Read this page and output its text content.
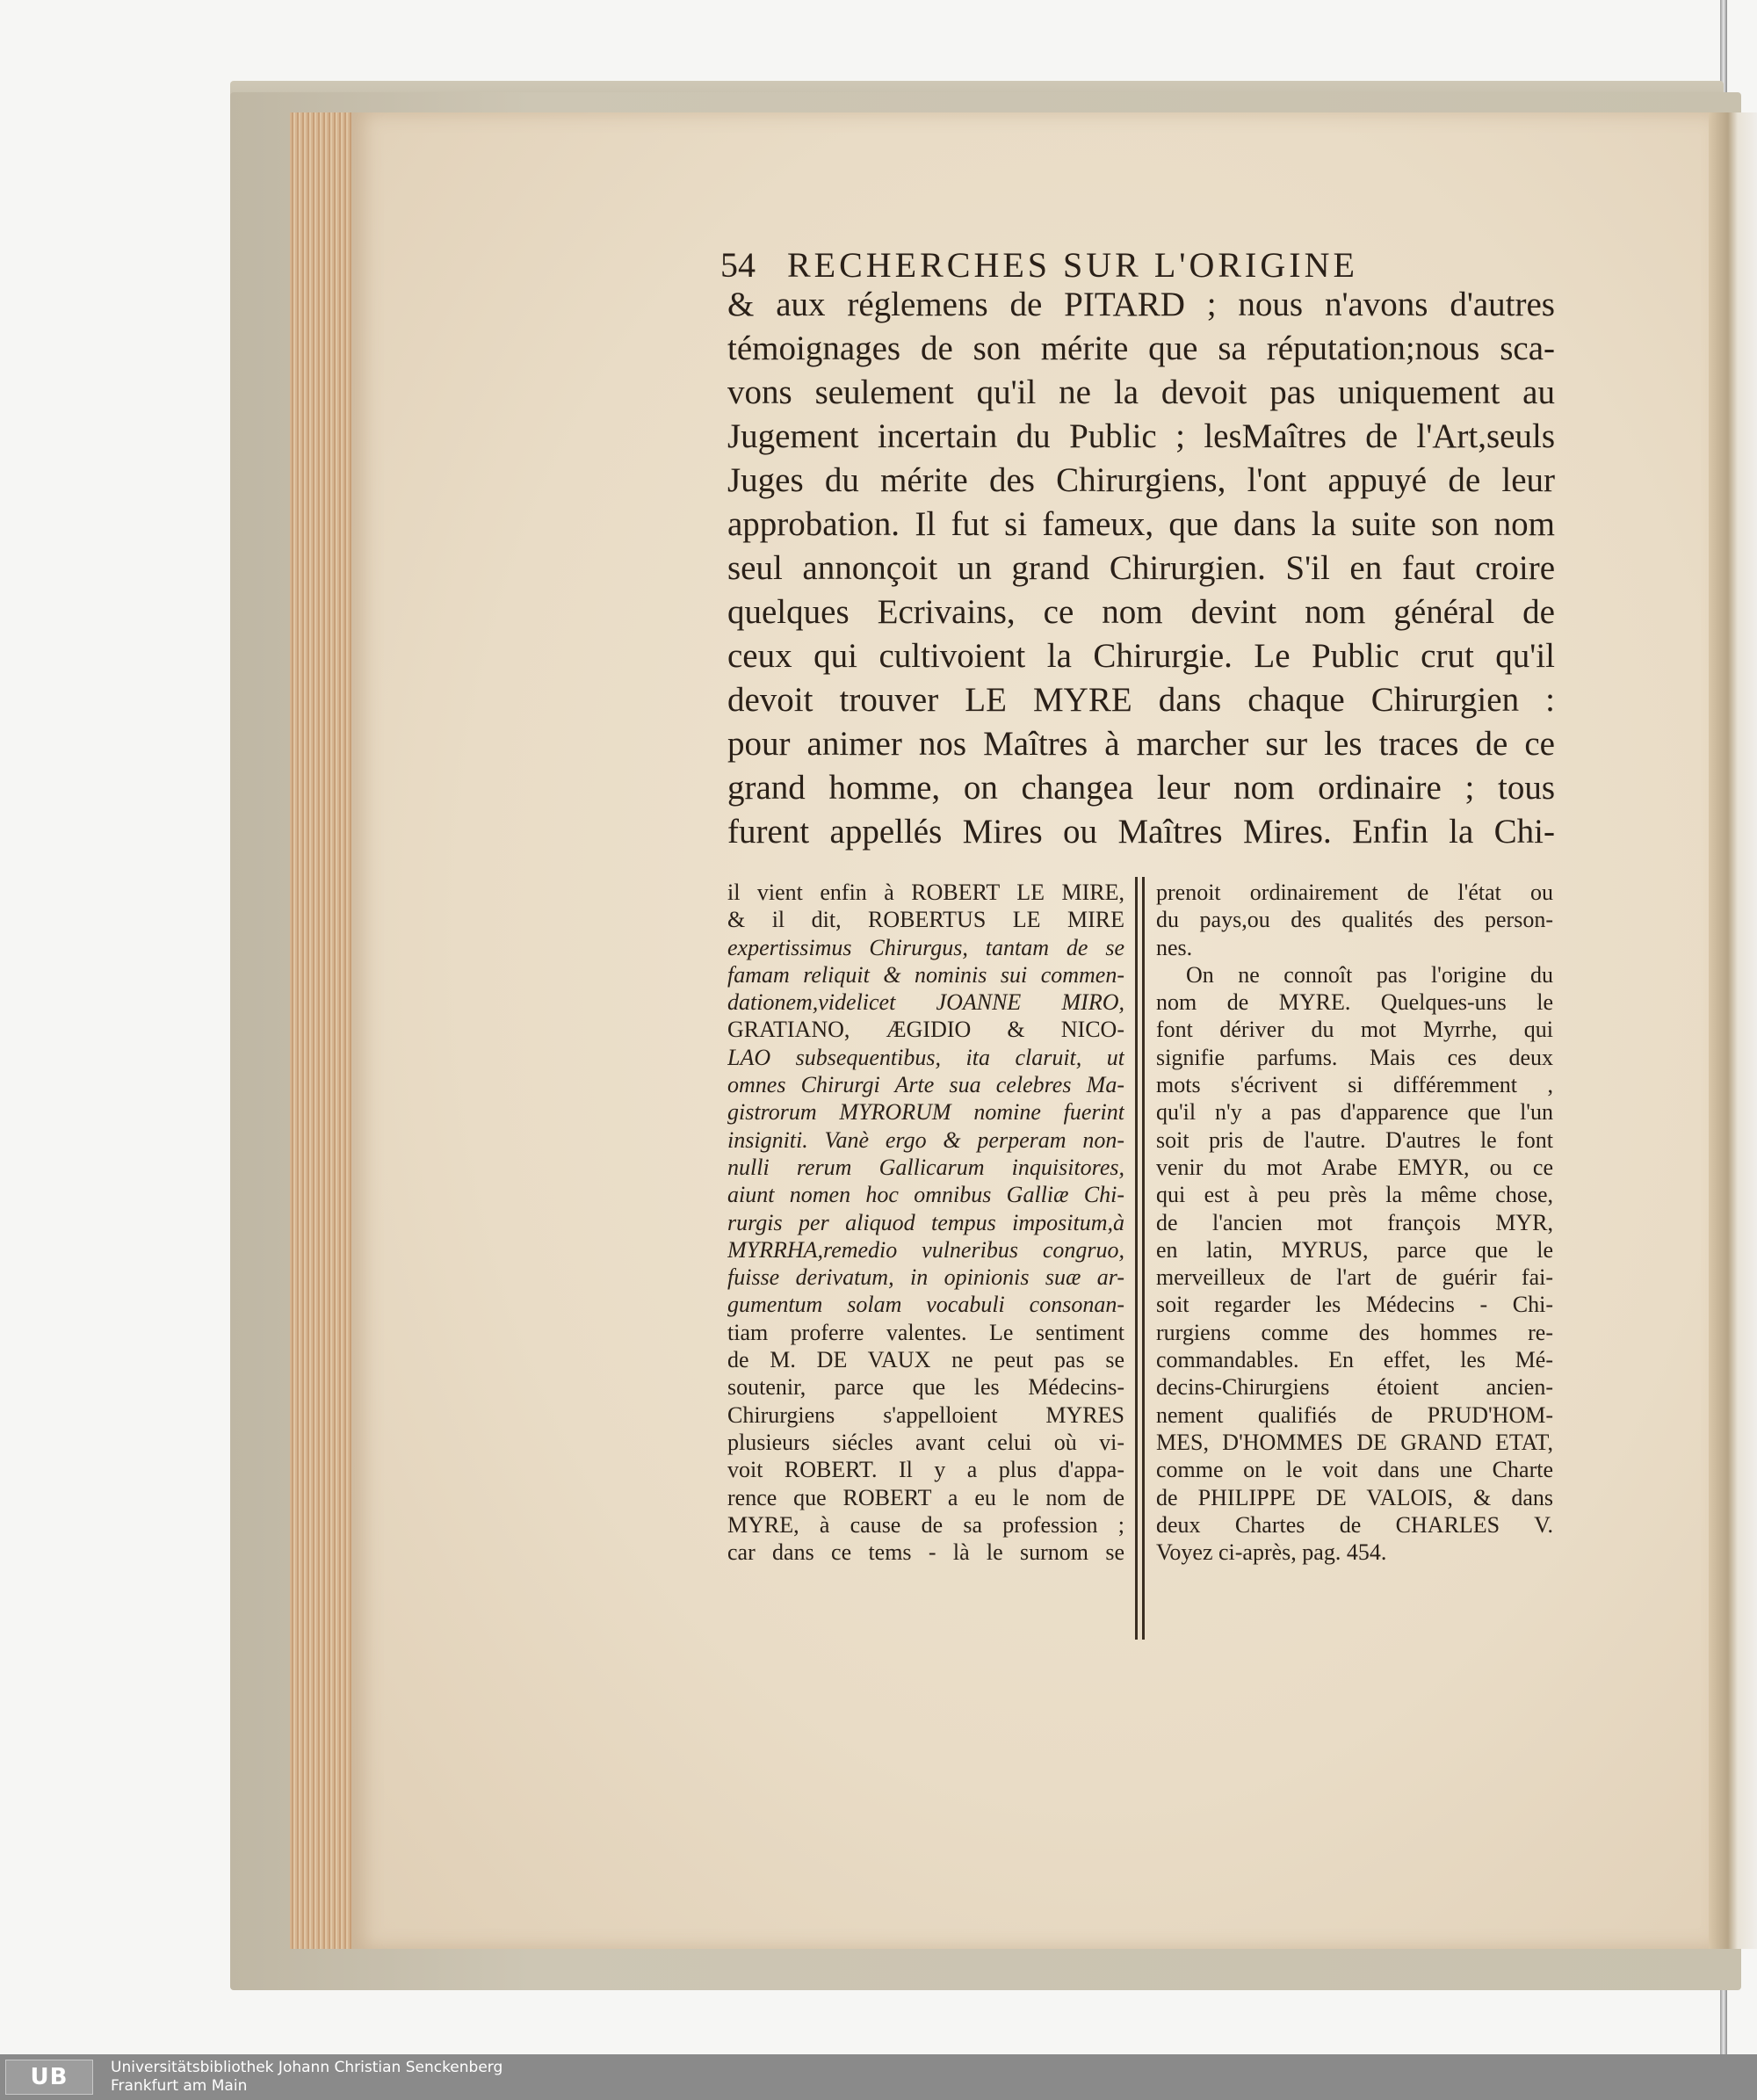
54 RECHERCHES SUR L'ORIGINE
& aux réglemens de PITARD ; nous n'avons d'autres
témoignages de son mérite que sa réputation;nous sca-
vons seulement qu'il ne la devoit pas uniquement au
Jugement incertain du Public ; lesMaîtres de l'Art,seuls
Juges du mérite des Chirurgiens, l'ont appuyé de leur
approbation. Il fut si fameux, que dans la suite son nom
seul annonçoit un grand Chirurgien. S'il en faut croire
quelques Ecrivains, ce nom devint nom général de
ceux qui cultivoient la Chirurgie. Le Public crut qu'il
devoit trouver LE MYRE dans chaque Chirurgien :
pour animer nos Maîtres à marcher sur les traces de ce
grand homme, on changea leur nom ordinaire ; tous
furent appellés Mires ou Maîtres Mires. Enfin la Chi-
il vient enfin à ROBERT LE MIRE,
& il dit, ROBERTUS LE MIRE
expertissimus Chirurgus, tantam de se
famam reliquit & nominis sui commen-
dationem,videlicet JOANNE MIRO,
GRATIANO, ÆGIDIO & NICO-
LAO subsequentibus, ita claruit, ut
omnes Chirurgi Arte sua celebres Ma-
gistrorum MYRORUM nomine fuerint
insigniti. Vanè ergo & perperam non-
nulli rerum Gallicarum inquisitores,
aiunt nomen hoc omnibus Galliæ Chi-
rurgis per aliquod tempus impositum,à
MYRRHA,remedio vulneribus congruo,
fuisse derivatum, in opinionis suæ ar-
gumentum solam vocabuli consonan-
tiam proferre valentes. Le sentiment
de M. DE VAUX ne peut pas se
soutenir, parce que les Médecins-
Chirurgiens s'appelloient MYRES
plusieurs siécles avant celui où vi-
voit ROBERT. Il y a plus d'appa-
rence que ROBERT a eu le nom de
MYRE, à cause de sa profession ;
car dans ce tems - là le surnom se
prenoit ordinairement de l'état ou
du pays,ou des qualités des person-
nes.
On ne connoît pas l'origine du
nom de MYRE. Quelques-uns le
font dériver du mot Myrrhe, qui
signifie parfums. Mais ces deux
mots s'écrivent si différemment ,
qu'il n'y a pas d'apparence que l'un
soit pris de l'autre. D'autres le font
venir du mot Arabe EMYR, ou ce
qui est à peu près la même chose,
de l'ancien mot françois MYR,
en latin, MYRUS, parce que le
merveilleux de l'art de guérir fai-
soit regarder les Médecins - Chi-
rurgiens comme des hommes re-
commandables. En effet, les Mé-
decins-Chirurgiens étoient ancien-
nement qualifiés de PRUD'HOM-
MES, D'HOMMES DE GRAND ETAT,
comme on le voit dans une Charte
de PHILIPPE DE VALOIS, & dans
deux Chartes de CHARLES V.
Voyez ci-après, pag. 454.
UB	Universitätsbibliothek Johann Christian Senckenberg
Frankfurt am Main
